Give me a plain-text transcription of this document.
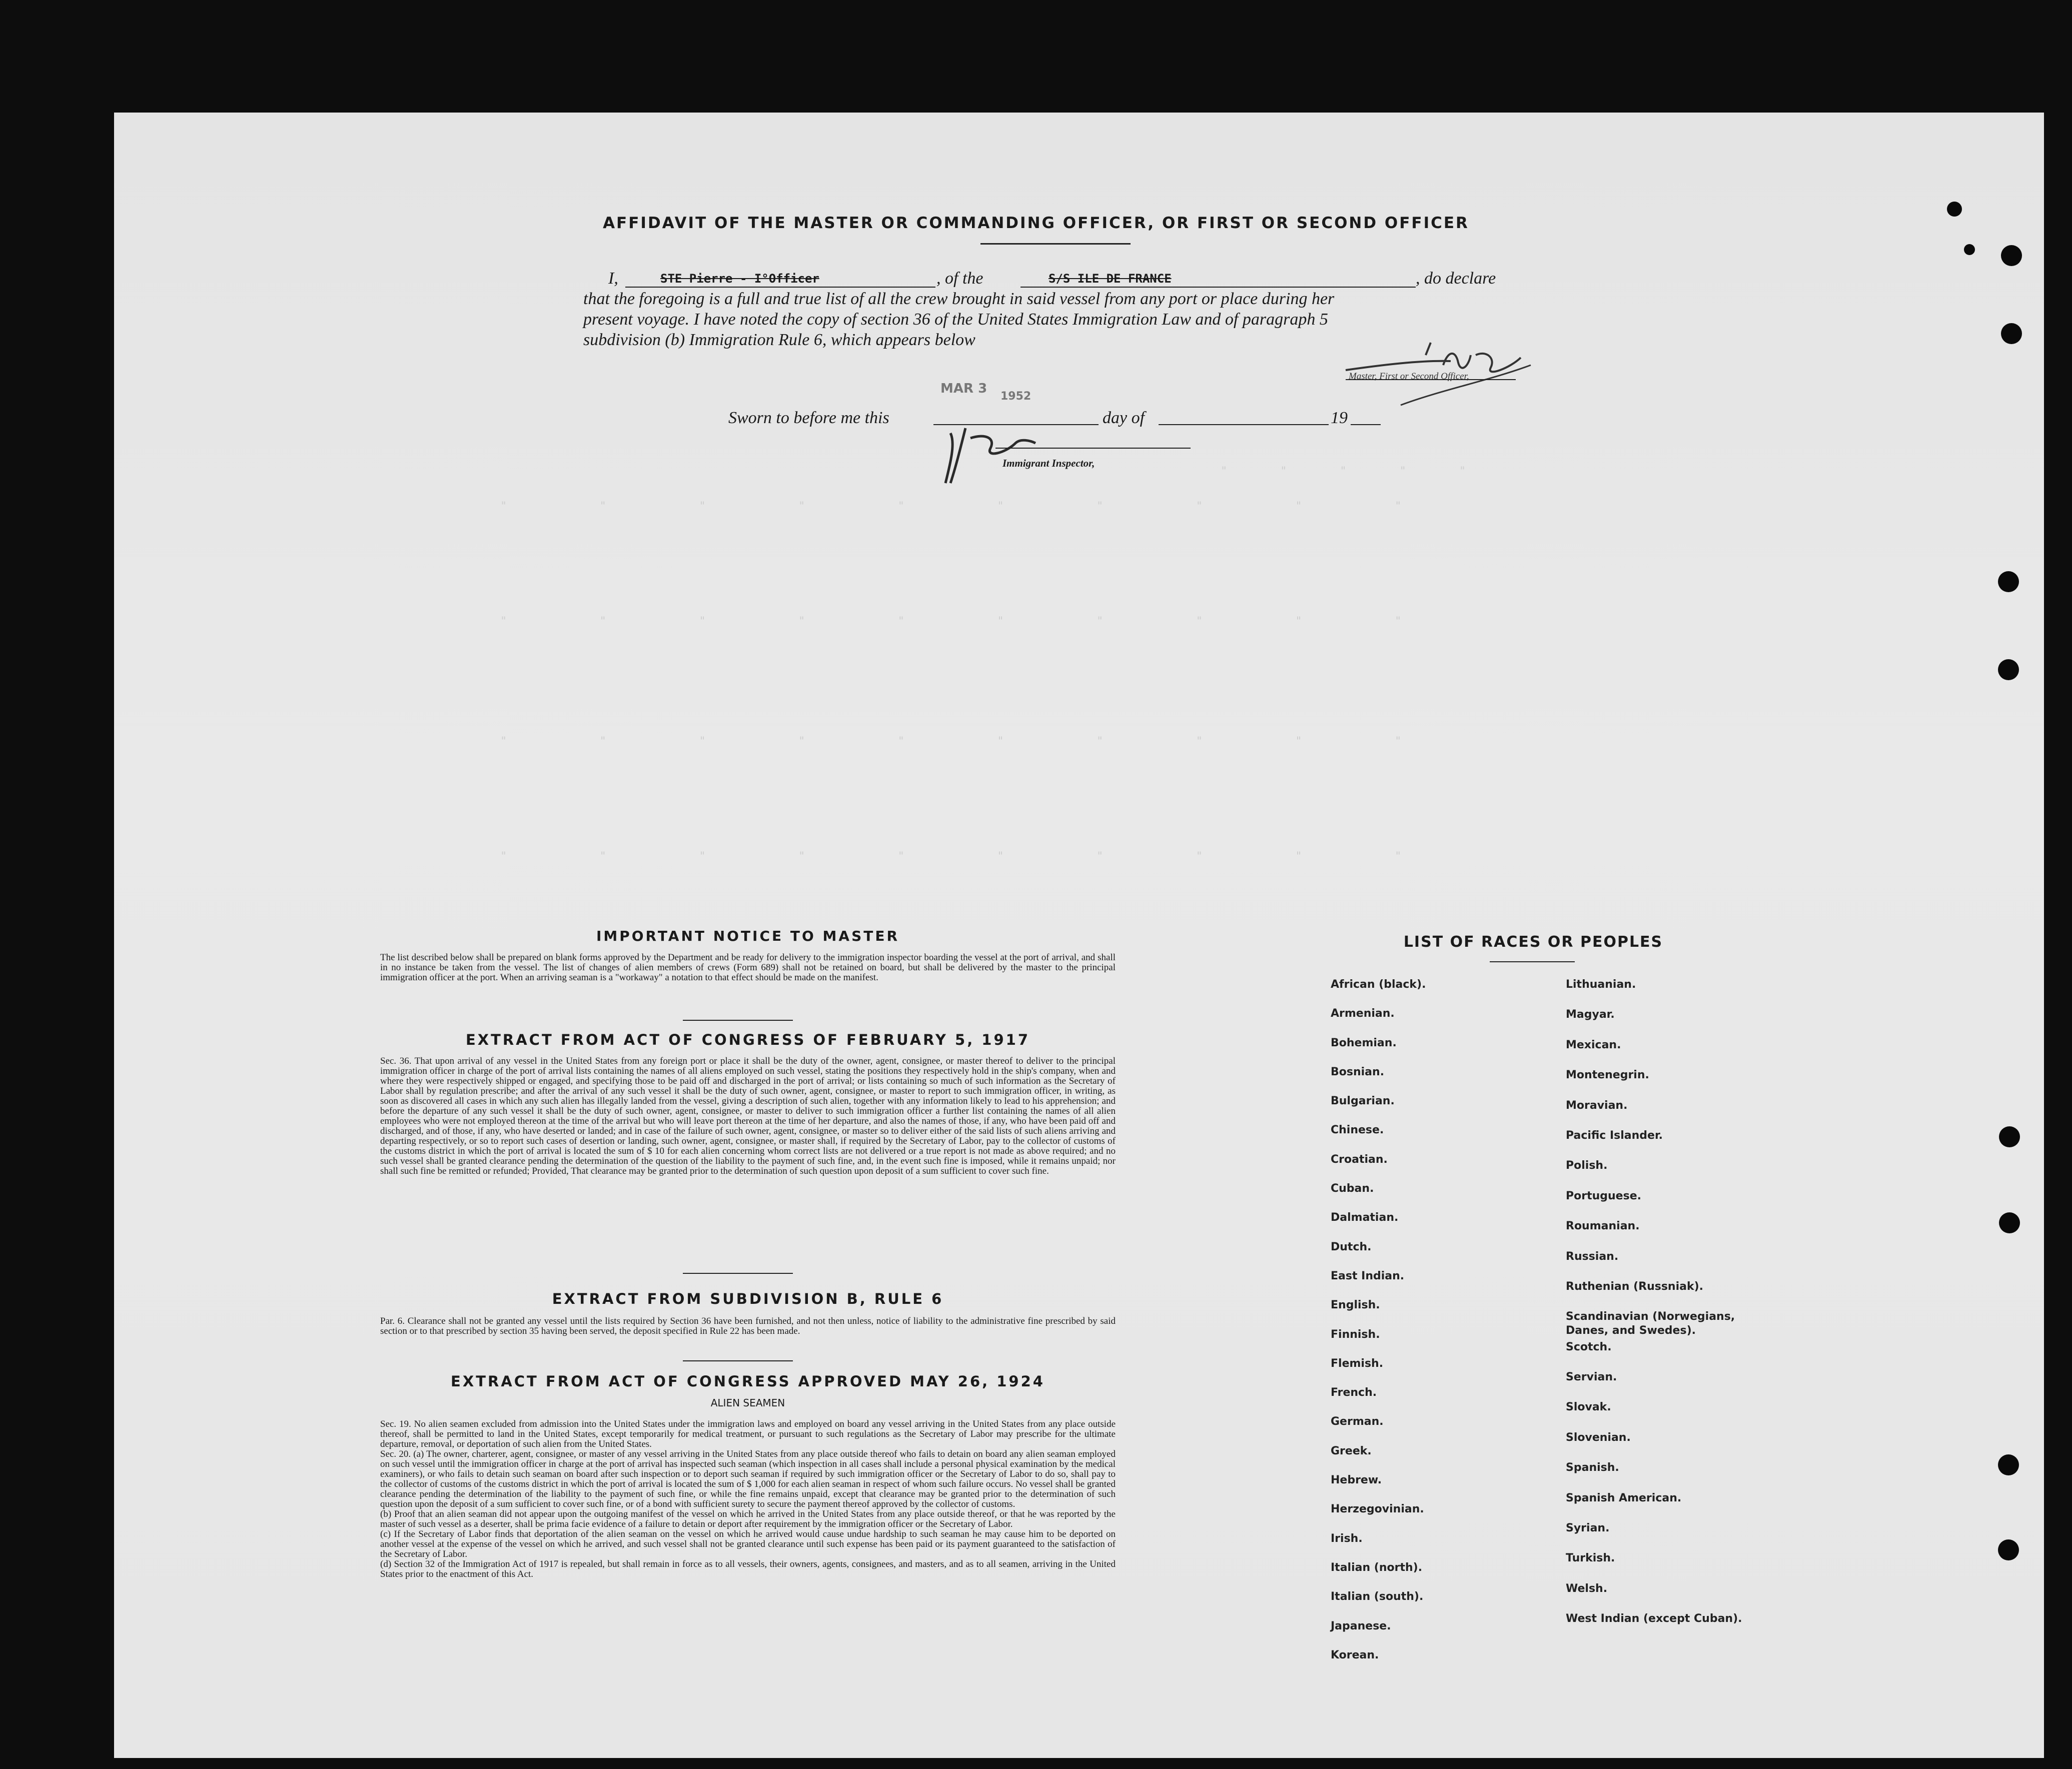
"        "        "        "        "
"              "              "              "              "              "              "              "              "              "
"              "              "              "              "              "              "              "              "              "
"              "              "              "              "              "              "              "              "              "
"              "              "              "              "              "              "              "              "              "
AFFIDAVIT OF THE MASTER OR COMMANDING OFFICER, OR FIRST OR SECOND OFFICER
I,	STE Pierre - I°Officer	, of the	S/S ILE DE FRANCE	, do declare
that the foregoing is a full and true list of all the crew brought in said vessel from any port or place during her
present voyage. I have noted the copy of section 36 of the United States Immigration Law and of paragraph 5
subdivision (b) Immigration Rule 6, which appears below
Master, First or Second Officer,
MAR 3
1952
Sworn to before me this	day of	19
Immigrant Inspector,
IMPORTANT NOTICE TO MASTER
The list described below shall be prepared on blank forms approved by the Department and be ready for delivery to the immigration inspector boarding the vessel at the port of arrival, and shall in no instance be taken from the vessel. The list of changes of alien members of crews (Form 689) shall not be retained on board, but shall be delivered by the master to the principal immigration officer at the port. When an arriving seaman is a "workaway" a notation to that effect should be made on the manifest.
EXTRACT FROM ACT OF CONGRESS OF FEBRUARY 5, 1917
Sec. 36. That upon arrival of any vessel in the United States from any foreign port or place it shall be the duty of the owner, agent, consignee, or master thereof to deliver to the principal immigration officer in charge of the port of arrival lists containing the names of all aliens employed on such vessel, stating the positions they respectively hold in the ship's company, when and where they were respectively shipped or engaged, and specifying those to be paid off and discharged in the port of arrival; or lists containing so much of such information as the Secretary of Labor shall by regulation prescribe; and after the arrival of any such vessel it shall be the duty of such owner, agent, consignee, or master to report to such immigration officer, in writing, as soon as discovered all cases in which any such alien has illegally landed from the vessel, giving a description of such alien, together with any information likely to lead to his apprehension; and before the departure of any such vessel it shall be the duty of such owner, agent, consignee, or master to deliver to such immigration officer a further list containing the names of all alien employees who were not employed thereon at the time of the arrival but who will leave port thereon at the time of her departure, and also the names of those, if any, who have been paid off and discharged, and of those, if any, who have deserted or landed; and in case of the failure of such owner, agent, consignee, or master so to deliver either of the said lists of such aliens arriving and departing respectively, or so to report such cases of desertion or landing, such owner, agent, consignee, or master shall, if required by the Secretary of Labor, pay to the collector of customs of the customs district in which the port of arrival is located the sum of $ 10 for each alien concerning whom correct lists are not delivered or a true report is not made as above required; and no such vessel shall be granted clearance pending the determination of the question of the liability to the payment of such fine, and, in the event such fine is imposed, while it remains unpaid; nor shall such fine be remitted or refunded; Provided, That clearance may be granted prior to the determination of such question upon deposit of a sum sufficient to cover such fine.
EXTRACT FROM SUBDIVISION B, RULE 6
Par. 6. Clearance shall not be granted any vessel until the lists required by Section 36 have been furnished, and not then unless, notice of liability to the administrative fine prescribed by said section or to that prescribed by section 35 having been served, the deposit specified in Rule 22 has been made.
EXTRACT FROM ACT OF CONGRESS APPROVED MAY 26, 1924
ALIEN SEAMEN
Sec. 19. No alien seamen excluded from admission into the United States under the immigration laws and employed on board any vessel arriving in the United States from any place outside thereof, shall be permitted to land in the United States, except temporarily for medical treatment, or pursuant to such regulations as the Secretary of Labor may prescribe for the ultimate departure, removal, or deportation of such alien from the United States.
Sec. 20. (a) The owner, charterer, agent, consignee, or master of any vessel arriving in the United States from any place outside thereof who fails to detain on board any alien seaman employed on such vessel until the immigration officer in charge at the port of arrival has inspected such seaman (which inspection in all cases shall include a personal physical examination by the medical examiners), or who fails to detain such seaman on board after such inspection or to deport such seaman if required by such immigration officer or the Secretary of Labor to do so, shall pay to the collector of customs of the customs district in which the port of arrival is located the sum of $ 1,000 for each alien seaman in respect of whom such failure occurs. No vessel shall be granted clearance pending the determination of the liability to the payment of such fine, or while the fine remains unpaid, except that clearance may be granted prior to the determination of such question upon the deposit of a sum sufficient to cover such fine, or of a bond with sufficient surety to secure the payment thereof approved by the collector of customs.
(b) Proof that an alien seaman did not appear upon the outgoing manifest of the vessel on which he arrived in the United States from any place outside thereof, or that he was reported by the master of such vessel as a deserter, shall be prima facie evidence of a failure to detain or deport after requirement by the immigration officer or the Secretary of Labor.
(c) If the Secretary of Labor finds that deportation of the alien seaman on the vessel on which he arrived would cause undue hardship to such seaman he may cause him to be deported on another vessel at the expense of the vessel on which he arrived, and such vessel shall not be granted clearance until such expense has been paid or its payment guaranteed to the satisfaction of the Secretary of Labor.
(d) Section 32 of the Immigration Act of 1917 is repealed, but shall remain in force as to all vessels, their owners, agents, consignees, and masters, and as to all seamen, arriving in the United States prior to the enactment of this Act.
LIST OF RACES OR PEOPLES
African (black).
Armenian.
Bohemian.
Bosnian.
Bulgarian.
Chinese.
Croatian.
Cuban.
Dalmatian.
Dutch.
East Indian.
English.
Finnish.
Flemish.
French.
German.
Greek.
Hebrew.
Herzegovinian.
Irish.
Italian (north).
Italian (south).
Japanese.
Korean.
Lithuanian.
Magyar.
Mexican.
Montenegrin.
Moravian.
Pacific Islander.
Polish.
Portuguese.
Roumanian.
Russian.
Ruthenian (Russniak).
Scandinavian (Norwegians, Danes, and Swedes).
Scotch.
Servian.
Slovak.
Slovenian.
Spanish.
Spanish American.
Syrian.
Turkish.
Welsh.
West Indian (except Cuban).
